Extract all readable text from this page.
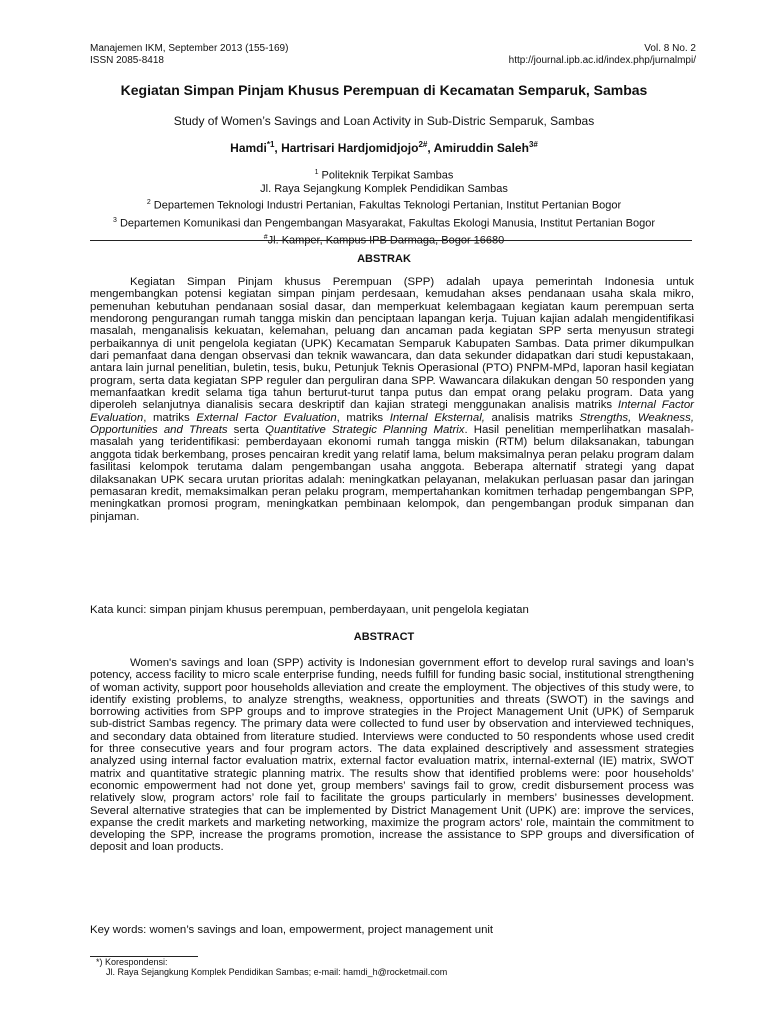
Manajemen IKM, September 2013 (155-169)
ISSN 2085-8418
Vol. 8 No. 2
http://journal.ipb.ac.id/index.php/jurnalmpi/
Kegiatan Simpan Pinjam Khusus Perempuan di Kecamatan Semparuk, Sambas
Study of Women’s Savings and Loan Activity in Sub-Distric Semparuk, Sambas
Hamdi$^{*1}$, Hartrisari Hardjomidjojo$^{2\#}$, Amiruddin Saleh$^{3\#}$
$^1$ Politeknik Terpikat Sambas
Jl. Raya Sejangkung Komplek Pendidikan Sambas
$^2$ Departemen Teknologi Industri Pertanian, Fakultas Teknologi Pertanian, Institut Pertanian Bogor
$^3$ Departemen Komunikasi dan Pengembangan Masyarakat, Fakultas Ekologi Manusia, Institut Pertanian Bogor
#Jl. Kamper, Kampus IPB Darmaga, Bogor 16680
ABSTRAK
Kegiatan Simpan Pinjam khusus Perempuan (SPP) adalah upaya pemerintah Indonesia untuk mengembangkan potensi kegiatan simpan pinjam perdesaan, kemudahan akses pendanaan usaha skala mikro, pemenuhan kebutuhan pendanaan sosial dasar, dan memperkuat kelembagaan kegiatan kaum perempuan serta mendorong pengurangan rumah tangga miskin dan penciptaan lapangan kerja. Tujuan kajian adalah mengidentifikasi masalah, menganalisis kekuatan, kelemahan, peluang dan ancaman pada kegiatan SPP serta menyusun strategi perbaikannya di unit pengelola kegiatan (UPK) Kecamatan Semparuk Kabupaten Sambas. Data primer dikumpulkan dari pemanfaat dana dengan observasi dan teknik wawancara, dan data sekunder didapatkan dari studi kepustakaan, antara lain jurnal penelitian, buletin, tesis, buku, Petunjuk Teknis Operasional (PTO) PNPM-MPd, laporan hasil kegiatan program, serta data kegiatan SPP reguler dan perguliran dana SPP. Wawancara dilakukan dengan 50 responden yang memanfaatkan kredit selama tiga tahun berturut-turut tanpa putus dan empat orang pelaku program. Data yang diperoleh selanjutnya dianalisis secara deskriptif dan kajian strategi menggunakan analisis matriks Internal Factor Evaluation, matriks External Factor Evaluation, matriks Internal Eksternal, analisis matriks Strengths, Weakness, Opportunities and Threats serta Quantitative Strategic Planning Matrix. Hasil penelitian memperlihatkan masalah-masalah yang teridentifikasi: pemberdayaan ekonomi rumah tangga miskin (RTM) belum dilaksanakan, tabungan anggota tidak berkembang, proses pencairan kredit yang relatif lama, belum maksimalnya peran pelaku program dalam fasilitasi kelompok terutama dalam pengembangan usaha anggota. Beberapa alternatif strategi yang dapat dilaksanakan UPK secara urutan prioritas adalah: meningkatkan pelayanan, melakukan perluasan pasar dan jaringan pemasaran kredit, memaksimalkan peran pelaku program, mempertahankan komitmen terhadap pengembangan SPP, meningkatkan promosi program, meningkatkan pembinaan kelompok, dan pengembangan produk simpanan dan pinjaman.
Kata kunci: simpan pinjam khusus perempuan, pemberdayaan, unit pengelola kegiatan
ABSTRACT
Women's savings and loan (SPP) activity is Indonesian government effort to develop rural savings and loan’s potency, access facility to micro scale enterprise funding, needs fulfill for funding basic social, institutional strengthening of woman activity, support poor households alleviation and create the employment. The objectives of this study were, to identify existing problems, to analyze strengths, weakness, opportunities and threats (SWOT) in the savings and borrowing activities from SPP groups and to improve strategies in the Project Management Unit (UPK) of Semparuk sub-district Sambas regency. The primary data were collected to fund user by observation and interviewed techniques, and secondary data obtained from literature studied. Interviews were conducted to 50 respondents whose used credit for three consecutive years and four program actors. The data explained descriptively and assessment strategies analyzed using internal factor evaluation matrix, external factor evaluation matrix, internal-external (IE) matrix, SWOT matrix and quantitative strategic planning matrix. The results show that identified problems were: poor households’ economic empowerment had not done yet, group members’ savings fail to grow, credit disbursement process was relatively slow, program actors’ role fail to facilitate the groups particularly in members’ businesses development. Several alternative strategies that can be implemented by District Management Unit (UPK) are: improve the services, expanse the credit markets and marketing networking, maximize the program actors’ role, maintain the commitment to developing the SPP, increase the programs promotion, increase the assistance to SPP groups and diversification of deposit and loan products.
Key words: women’s savings and loan, empowerment, project management unit
*) Korespondensi:
Jl. Raya Sejangkung Komplek Pendidikan Sambas; e-mail: hamdi_h@rocketmail.com
